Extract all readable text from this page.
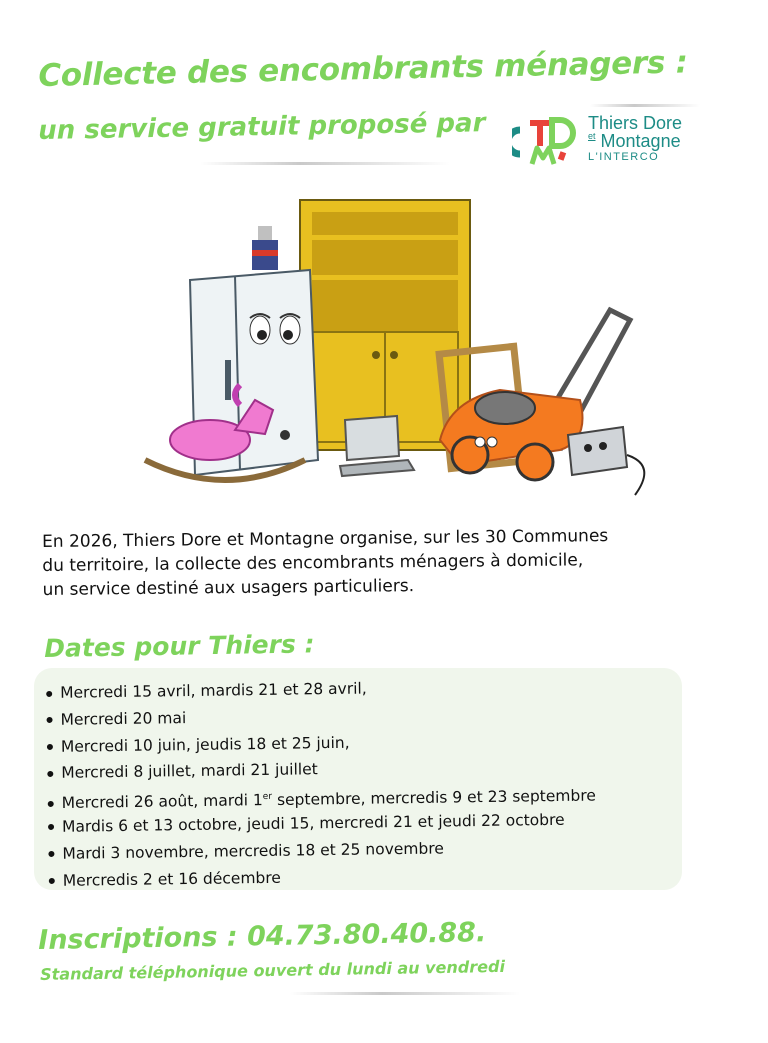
Collecte des encombrants ménagers :
un service gratuit proposé par	Thiers Dore
$^{et}$ Montagne
L'INTERCO
En 2026, Thiers Dore et Montagne organise, sur les 30 Communes
du territoire, la collecte des encombrants ménagers à domicile,
un service destiné aux usagers particuliers.
Dates pour Thiers :
Mercredi 15 avril, mardis 21 et 28 avril,
Mercredi 20 mai
Mercredi 10 juin, jeudis 18 et 25 juin,
Mercredi 8 juillet, mardi 21 juillet
Mercredi 26 août, mardi 1er septembre, mercredis 9 et 23 septembre
Mardis 6 et 13 octobre, jeudi 15, mercredi 21 et jeudi 22 octobre
Mardi 3 novembre, mercredis 18 et 25 novembre
Mercredis 2 et 16 décembre
Inscriptions : 04.73.80.40.88.
Standard téléphonique ouvert du lundi au vendredi
